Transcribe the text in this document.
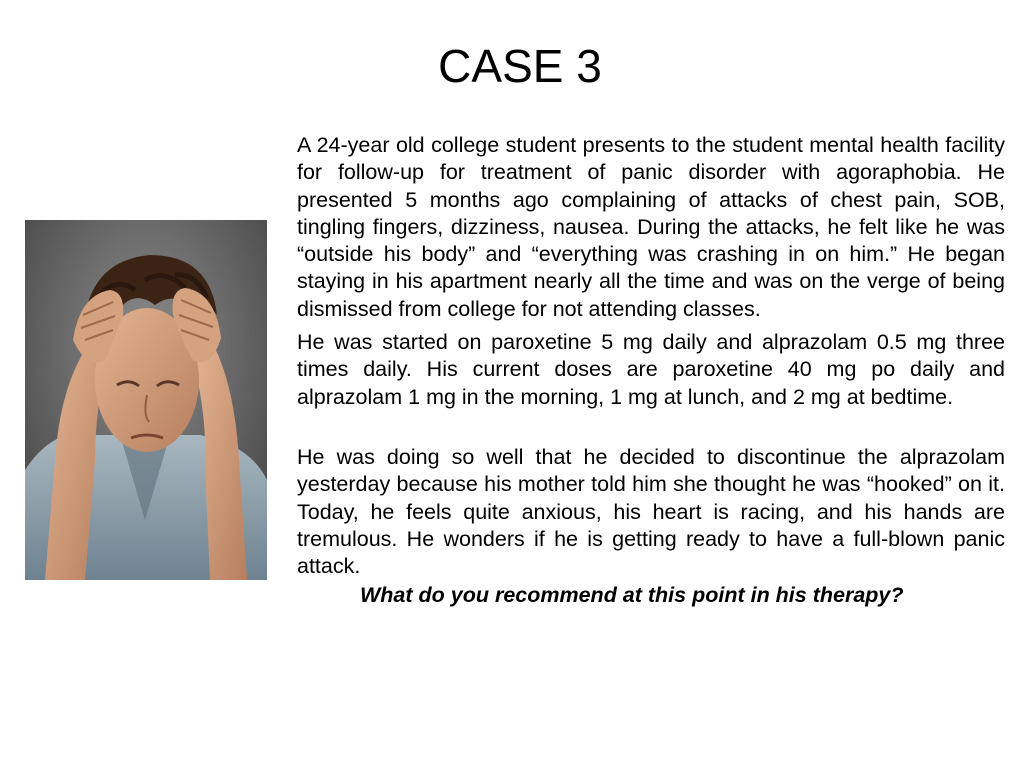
CASE 3

A 24-year old college student presents to the student mental health facility for follow-up for treatment of panic disorder with agoraphobia. He presented 5 months ago complaining of attacks of chest pain, SOB, tingling fingers, dizziness, nausea. During the attacks, he felt like he was “outside his body” and “everything was crashing in on him.” He began staying in his apartment nearly all the time and was on the verge of being dismissed from college for not attending classes.

He was started on paroxetine 5 mg daily and alprazolam 0.5 mg three times daily. His current doses are paroxetine 40 mg po daily and alprazolam 1 mg in the morning, 1 mg at lunch, and 2 mg at bedtime.

He was doing so well that he decided to discontinue the alprazolam yesterday because his mother told him she thought he was “hooked” on it. Today, he feels quite anxious, his heart is racing, and his hands are tremulous. He wonders if he is getting ready to have a full-blown panic attack.

What do you recommend at this point in his therapy?
